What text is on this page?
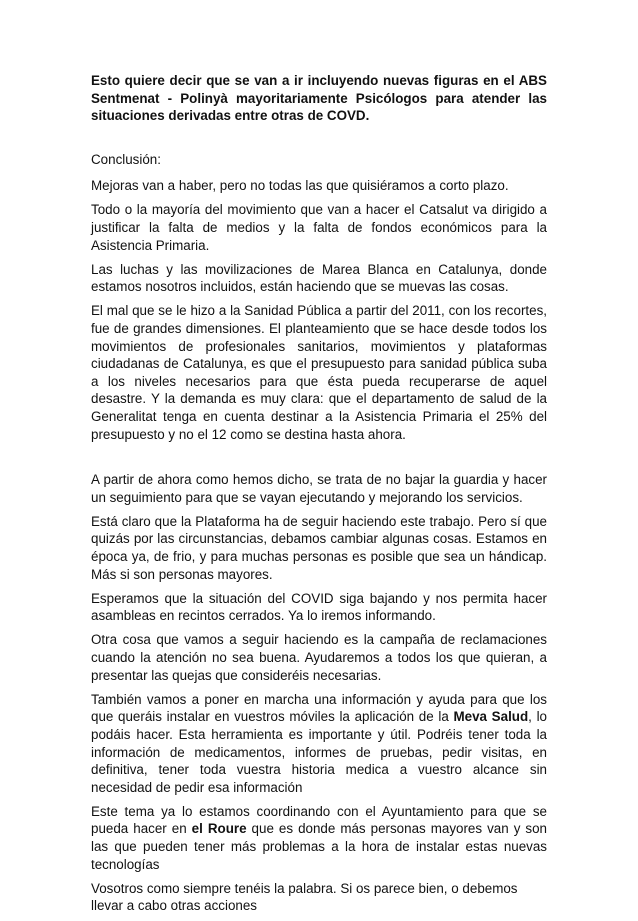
Esto quiere decir que se van a ir incluyendo nuevas figuras en el ABS Sentmenat - Polinyà mayoritariamente Psicólogos para atender las situaciones derivadas entre otras de COVD.

Conclusión:

Mejoras van a haber, pero no todas las que quisiéramos a corto plazo.

Todo o la mayoría del movimiento que van a hacer el Catsalut va dirigido a justificar la falta de medios y la falta de fondos económicos para la Asistencia Primaria.

Las luchas y las movilizaciones de Marea Blanca en Catalunya, donde estamos nosotros incluidos, están haciendo que se muevas las cosas.

El mal que se le hizo a la Sanidad Pública a partir del 2011, con los recortes, fue de grandes dimensiones. El planteamiento que se hace desde todos los movimientos de profesionales sanitarios, movimientos y plataformas ciudadanas de Catalunya, es que el presupuesto para sanidad pública suba a los niveles necesarios para que ésta pueda recuperarse de aquel desastre. Y la demanda es muy clara: que el departamento de salud de la Generalitat tenga en cuenta destinar a la Asistencia Primaria el 25% del presupuesto y no el 12 como se destina hasta ahora.

A partir de ahora como hemos dicho, se trata de no bajar la guardia y hacer un seguimiento para que se vayan ejecutando y mejorando los servicios.

Está claro que la Plataforma ha de seguir haciendo este trabajo. Pero sí que quizás por las circunstancias, debamos cambiar algunas cosas. Estamos en época ya, de frio, y para muchas personas es posible que sea un hándicap. Más si son personas mayores.

Esperamos que la situación del COVID siga bajando y nos permita hacer asambleas en recintos cerrados. Ya lo iremos informando.

Otra cosa que vamos a seguir haciendo es la campaña de reclamaciones cuando la atención no sea buena. Ayudaremos a todos los que quieran, a presentar las quejas que consideréis necesarias.

También vamos a poner en marcha una información y ayuda para que los que queráis instalar en vuestros móviles la aplicación de la Meva Salud, lo podáis hacer. Esta herramienta es importante y útil. Podréis tener toda la información de medicamentos, informes de pruebas, pedir visitas, en definitiva, tener toda vuestra historia medica a vuestro alcance sin necesidad de pedir esa información

Este tema ya lo estamos coordinando con el Ayuntamiento para que se pueda hacer en el Roure que es donde más personas mayores van y son las que pueden tener más problemas a la hora de instalar estas nuevas tecnologías

Vosotros como siempre tenéis la palabra. Si os parece bien, o debemos llevar a cabo otras acciones
